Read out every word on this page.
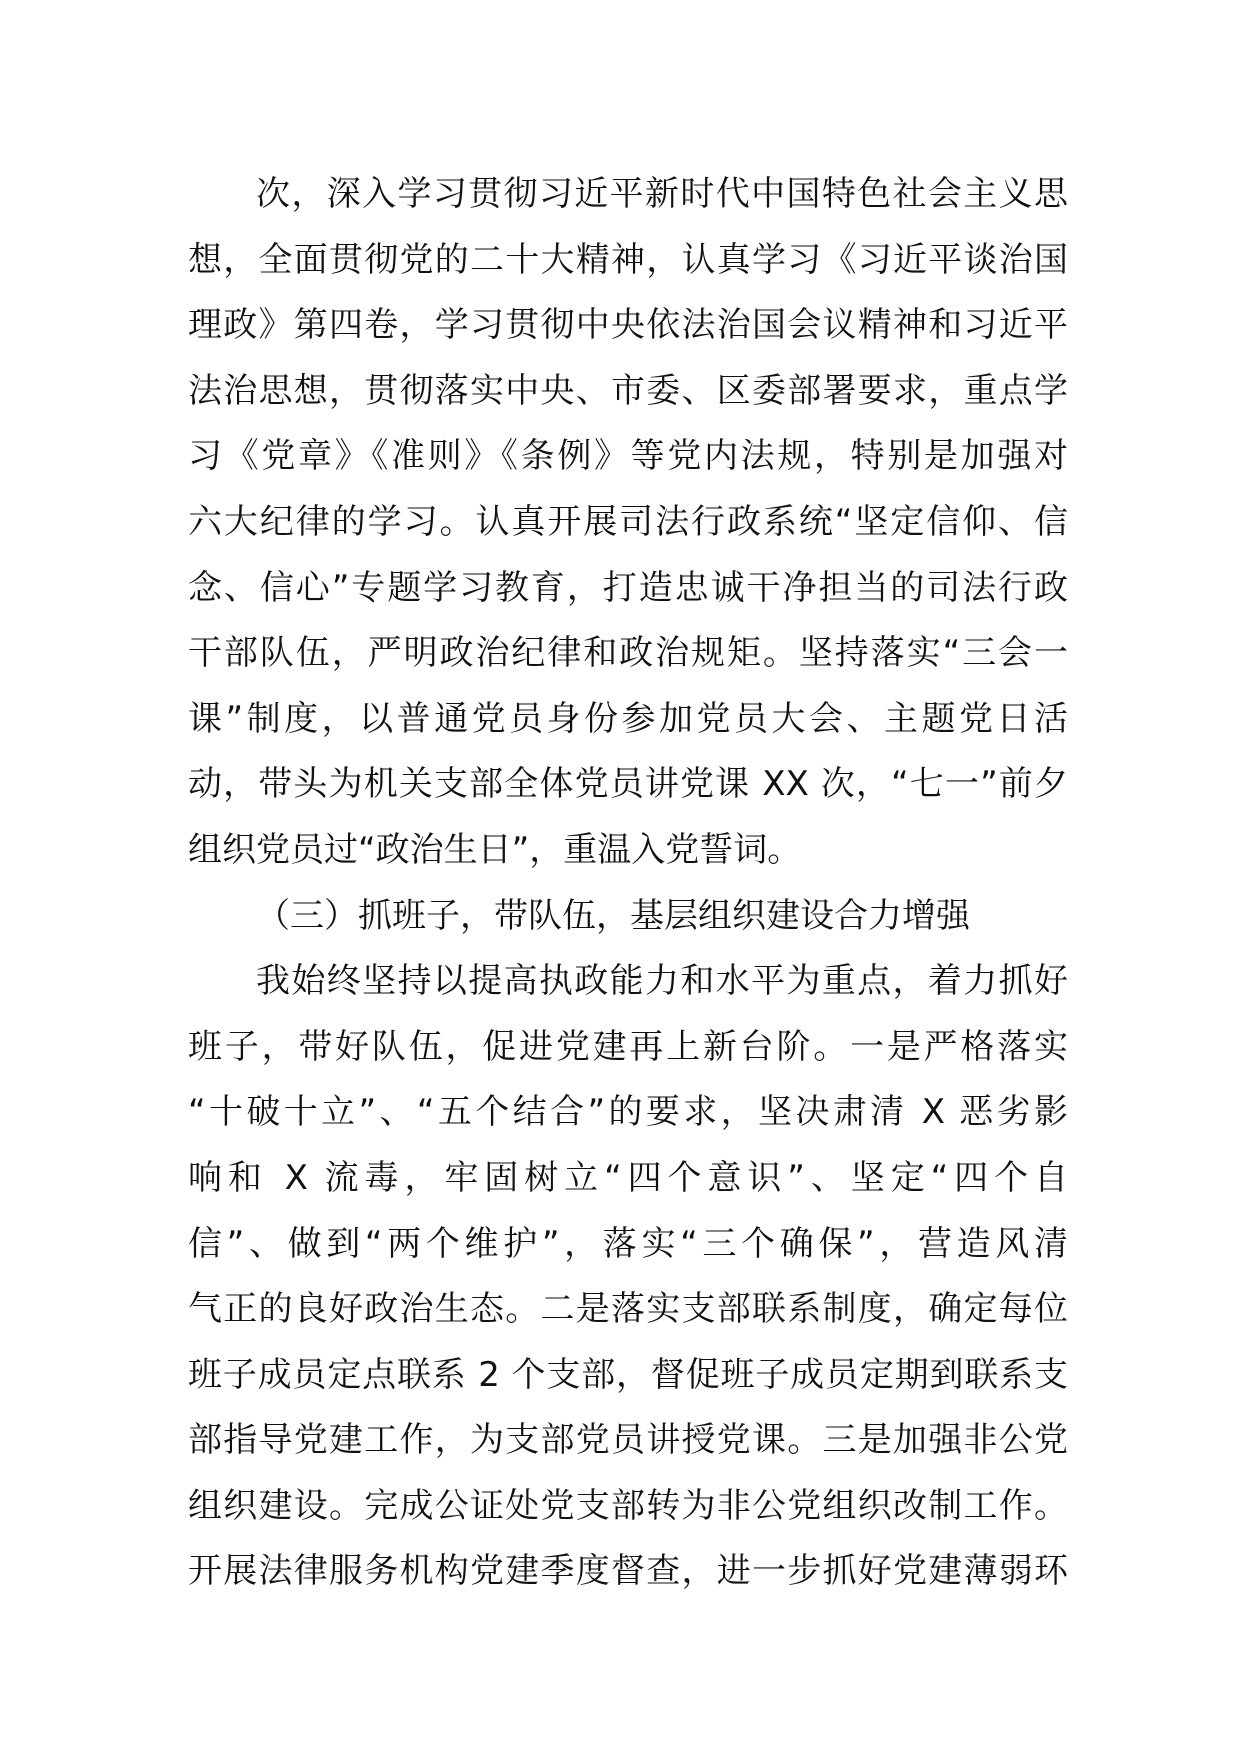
次，深入学习贯彻习近平新时代中国特色社会主义思
想，全面贯彻党的二十大精神，认真学习《习近平谈治国
理政》第四卷，学习贯彻中央依法治国会议精神和习近平
法治思想，贯彻落实中央、市委、区委部署要求，重点学
习《党章》《准则》《条例》等党内法规，特别是加强对
六大纪律的学习。认真开展司法行政系统“坚定信仰、信
念、信心”专题学习教育，打造忠诚干净担当的司法行政
干部队伍，严明政治纪律和政治规矩。坚持落实“三会一
课”制度，以普通党员身份参加党员大会、主题党日活
动，带头为机关支部全体党员讲党课 XX 次，“七一”前夕
组织党员过“政治生日”，重温入党誓词。
（三）抓班子，带队伍，基层组织建设合力增强
我始终坚持以提高执政能力和水平为重点，着力抓好
班子，带好队伍，促进党建再上新台阶。一是严格落实
“十破十立”、“五个结合”的要求，坚决肃清 X 恶劣影
响和 X 流毒，牢固树立“四个意识”、坚定“四个自
信”、做到“两个维护”，落实“三个确保”，营造风清
气正的良好政治生态。二是落实支部联系制度，确定每位
班子成员定点联系 2 个支部，督促班子成员定期到联系支
部指导党建工作，为支部党员讲授党课。三是加强非公党
组织建设。完成公证处党支部转为非公党组织改制工作。
开展法律服务机构党建季度督查，进一步抓好党建薄弱环
